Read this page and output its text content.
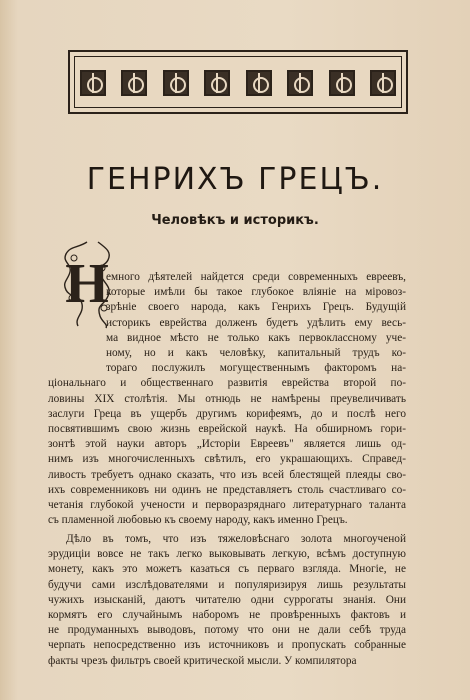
ГЕНРИХЪ ГРЕЦЪ.
Человѣкъ и историкъ.
Н
емного дѣятелей найдется среди современныхъ евреевъ,
которые имѣли бы такое глубокое вліяніе на міровоз-
зрѣніе своего народа, какъ Генрихъ Грецъ. Будущій
историкъ еврейства долженъ будетъ удѣлить ему весь-
ма видное мѣсто не только какъ первоклассному уче-
ному, но и какъ человѣку, капитальный трудъ ко-
тораго послужилъ могущественнымъ факторомъ на-
ціональнаго и общественнаго развитія еврейства второй по-
ловины XIX столѣтія. Мы отнюдь не намѣрены преувеличивать
заслуги Греца въ ущербъ другимъ корифеямъ, до и послѣ него
посвятившимъ свою жизнь еврейской наукѣ. На обширномъ гори-
зонтѣ этой науки авторъ „Исторіи Евреевъ" является лишь од-
нимъ изъ многочисленныхъ свѣтилъ, его украшающихъ. Справед-
ливость требуетъ однако сказать, что изъ всей блестящей плеяды сво-
ихъ современниковъ ни одинъ не представляетъ столь счастливаго со-
четанія глубокой учености и перворазряднаго литературнаго таланта
съ пламенной любовью къ своему народу, какъ именно Грецъ.
Дѣло въ томъ, что изъ тяжеловѣснаго золота многоученой
эрудиціи вовсе не такъ легко выковывать легкую, всѣмъ доступную
монету, какъ это можетъ казаться съ перваго взгляда. Многіе, не
будучи сами изслѣдователями и популяризируя лишь результаты
чужихъ изысканій, даютъ читателю одни суррогаты знанія. Они
кормятъ его случайнымъ наборомъ не провѣренныхъ фактовъ и
не продуманныхъ выводовъ, потому что они не дали себѣ труда
черпать непосредственно изъ источниковъ и пропускать собранные
факты чрезъ фильтръ своей критической мысли. У компилятора
